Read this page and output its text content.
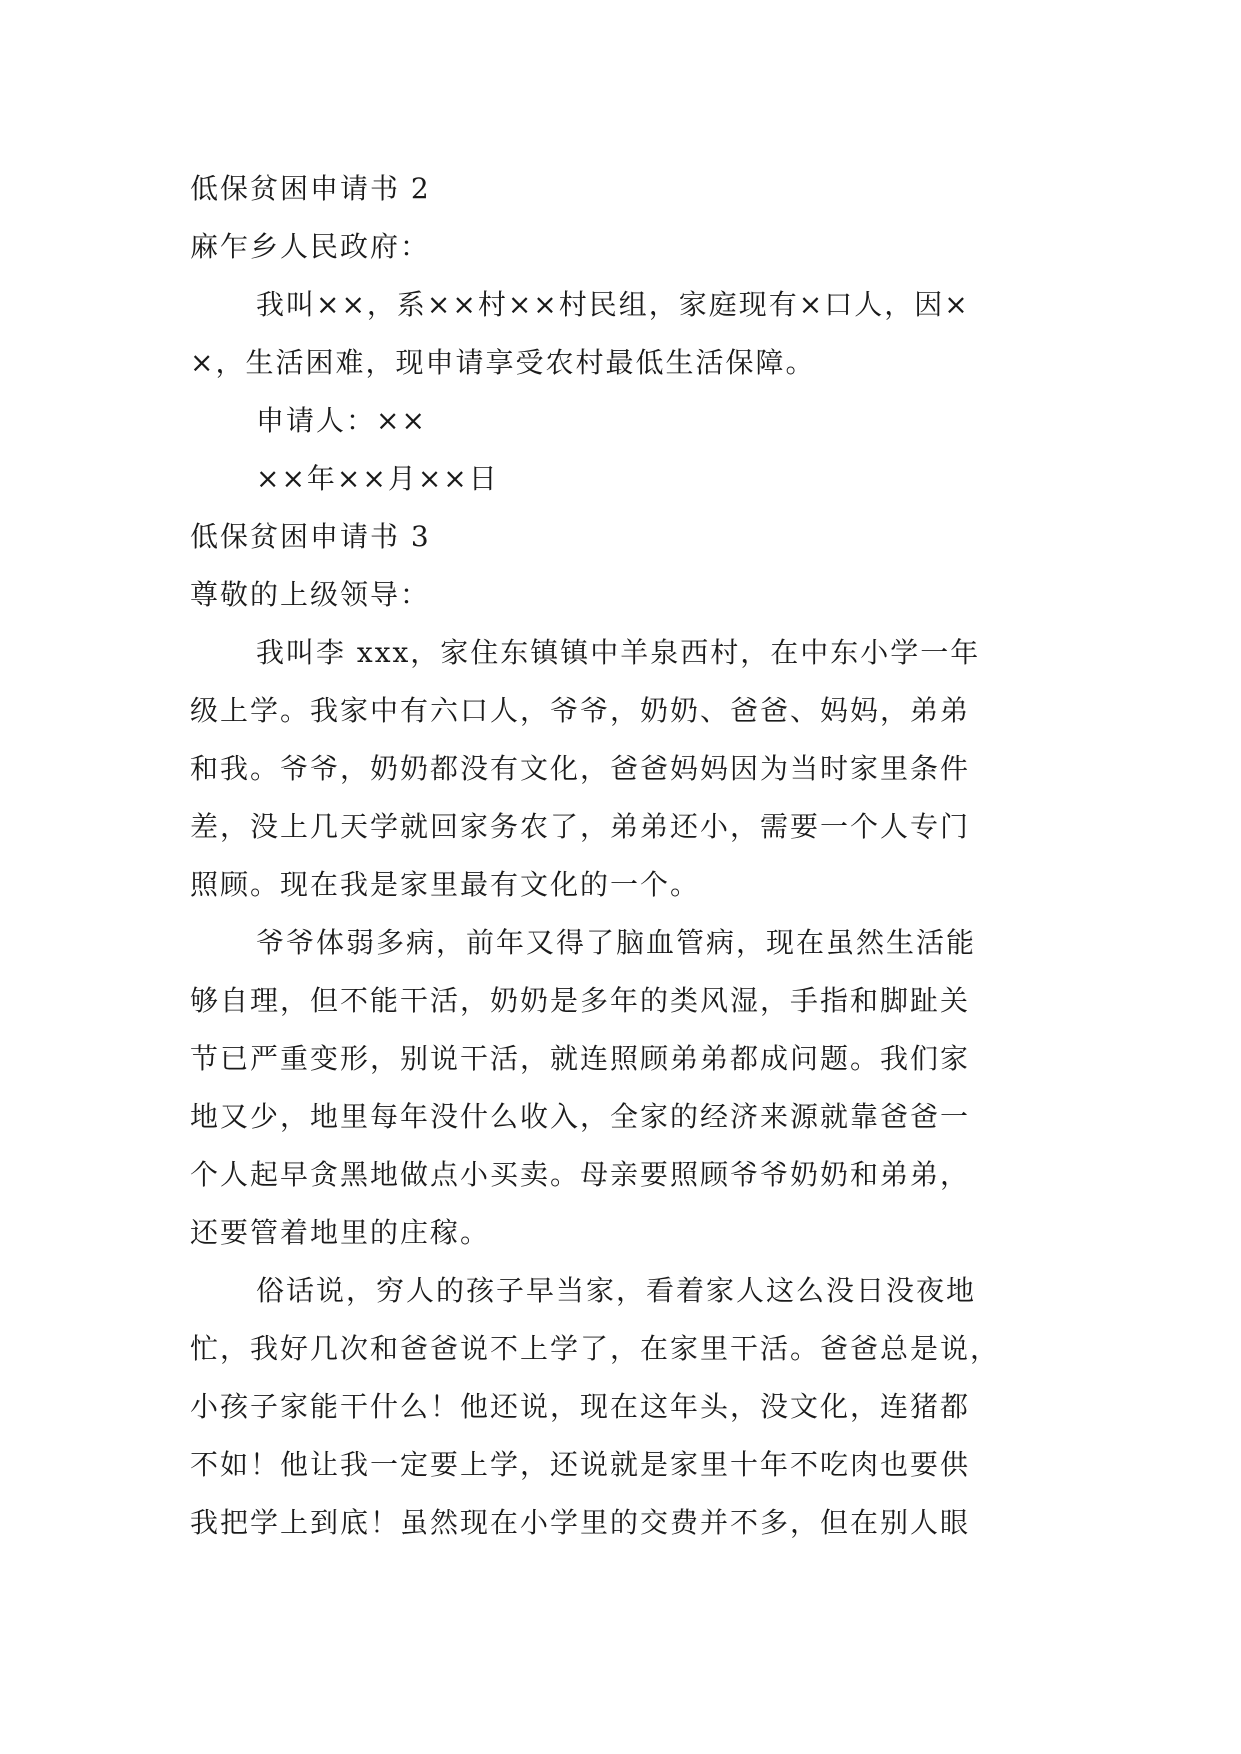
低保贫困申请书 2
麻乍乡人民政府：
我叫××，系××村××村民组，家庭现有×口人，因×
×，生活困难，现申请享受农村最低生活保障。
申请人：××
××年××月××日
低保贫困申请书 3
尊敬的上级领导：
我叫李 xxx，家住东镇镇中羊泉西村，在中东小学一年
级上学。我家中有六口人，爷爷，奶奶、爸爸、妈妈，弟弟
和我。爷爷，奶奶都没有文化，爸爸妈妈因为当时家里条件
差，没上几天学就回家务农了，弟弟还小，需要一个人专门
照顾。现在我是家里最有文化的一个。
爷爷体弱多病，前年又得了脑血管病，现在虽然生活能
够自理，但不能干活，奶奶是多年的类风湿，手指和脚趾关
节已严重变形，别说干活，就连照顾弟弟都成问题。我们家
地又少，地里每年没什么收入，全家的经济来源就靠爸爸一
个人起早贪黑地做点小买卖。母亲要照顾爷爷奶奶和弟弟，
还要管着地里的庄稼。
俗话说，穷人的孩子早当家，看着家人这么没日没夜地
忙，我好几次和爸爸说不上学了，在家里干活。爸爸总是说，
小孩子家能干什么！他还说，现在这年头，没文化，连猪都
不如！他让我一定要上学，还说就是家里十年不吃肉也要供
我把学上到底！虽然现在小学里的交费并不多，但在别人眼
